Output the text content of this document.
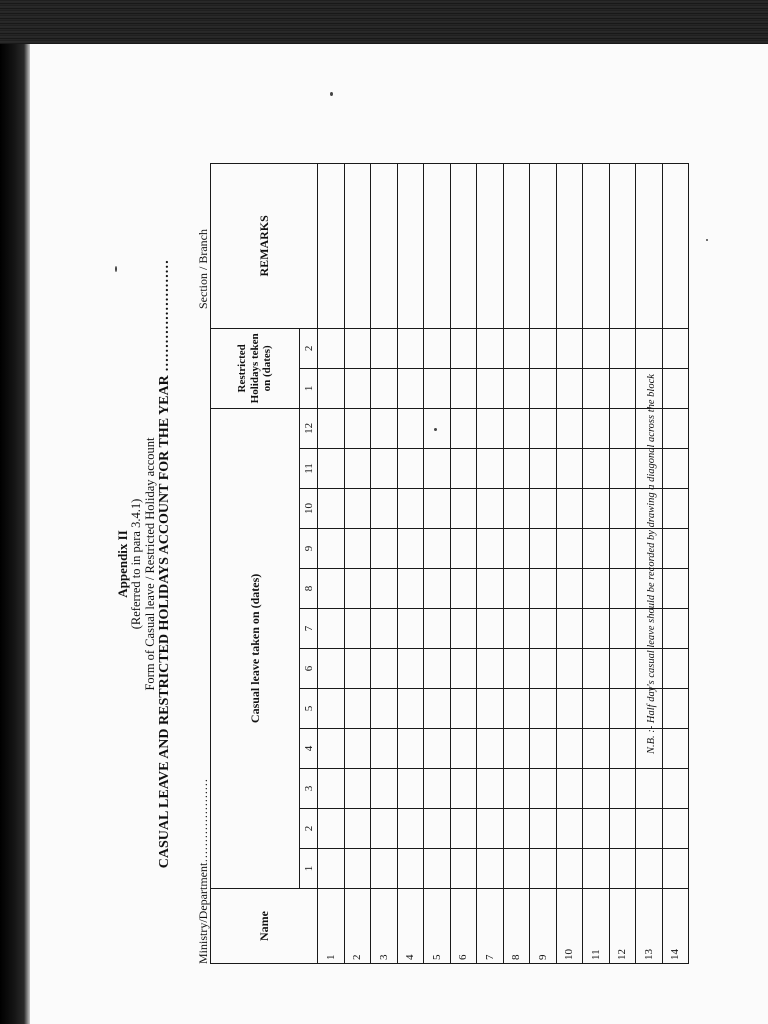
Appendix II (Referred to in para 3.4.1) Form of Casual leave / Restricted Holiday account CASUAL LEAVE AND RESTRICTED HOLIDAYS ACCOUNT FOR THE YEAR ……………………
Ministry/Department…………………
Section / Branch
Name	Casual leave taken on (dates)												Restricted Holidays teken on (dates)		REMARKS
	1	2	3	4	5	6	7	8	9	10	11	12	1	2	
1															
2															
3															
4															
5															
6															
7															
8															
9															
10															
11															
12															
13															
14															
N.B. :- Half day's casual leave should be recorded by drawing a diagonal across the block
